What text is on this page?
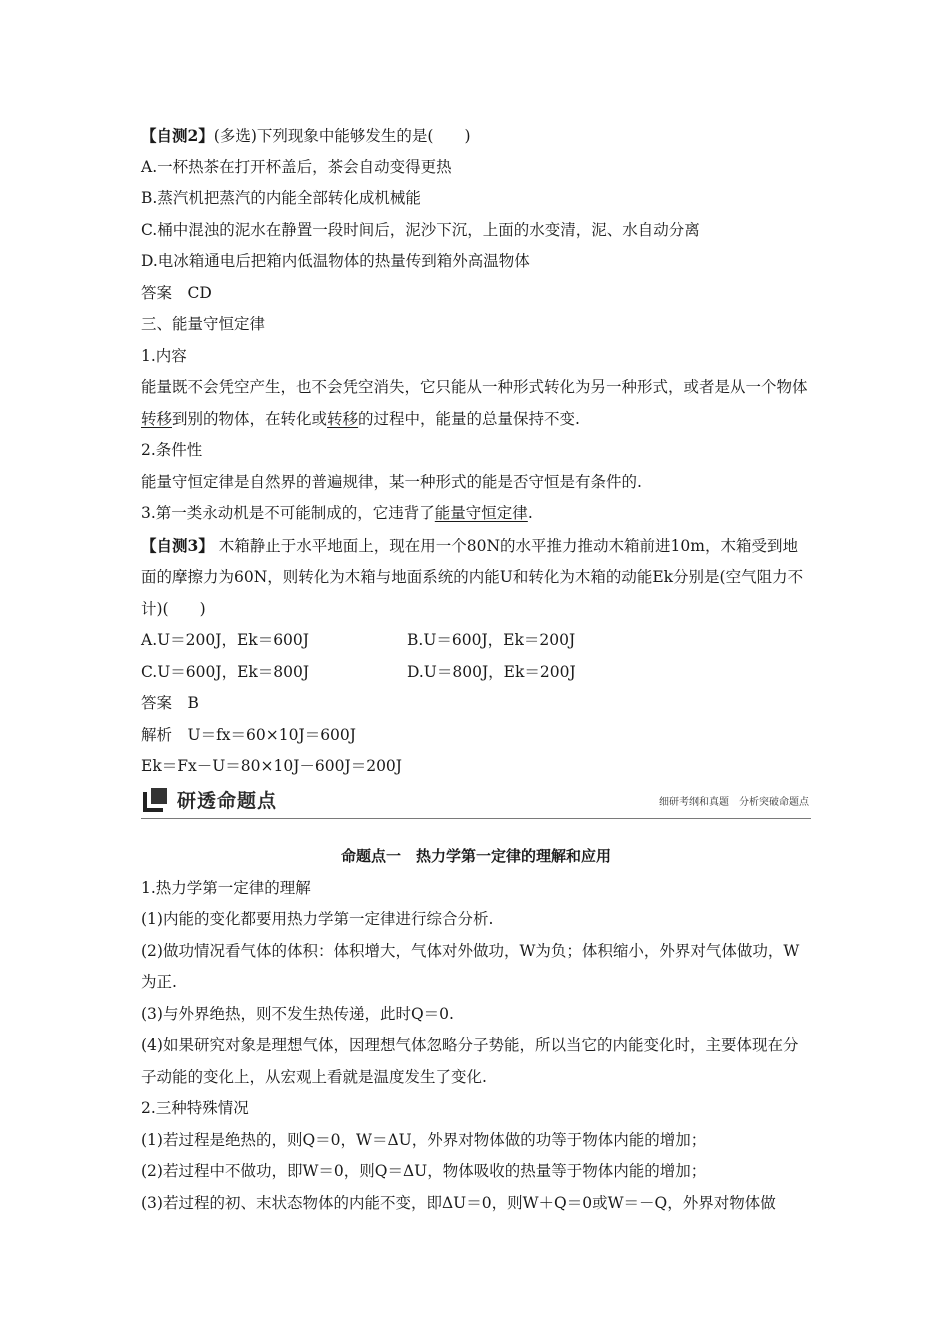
【自测2】(多选)下列现象中能够发生的是(　　)
A.一杯热茶在打开杯盖后，茶会自动变得更热
B.蒸汽机把蒸汽的内能全部转化成机械能
C.桶中混浊的泥水在静置一段时间后，泥沙下沉，上面的水变清，泥、水自动分离
D.电冰箱通电后把箱内低温物体的热量传到箱外高温物体
答案　CD
三、能量守恒定律
1.内容
能量既不会凭空产生，也不会凭空消失，它只能从一种形式转化为另一种形式，或者是从一个物体转移到别的物体，在转化或转移的过程中，能量的总量保持不变.
2.条件性
能量守恒定律是自然界的普遍规律，某一种形式的能是否守恒是有条件的.
3.第一类永动机是不可能制成的，它违背了能量守恒定律.
【自测3】 木箱静止于水平地面上，现在用一个80N的水平推力推动木箱前进10m，木箱受到地面的摩擦力为60N，则转化为木箱与地面系统的内能U和转化为木箱的动能Ek分别是(空气阻力不计)(　　)
A.U＝200J，Ek＝600J	B.U＝600J，Ek＝200J
C.U＝600J，Ek＝800J	D.U＝800J，Ek＝200J
答案　B
解析　U＝fx＝60×10J＝600J
Ek＝Fx－U＝80×10J－600J＝200J
研透命题点	细研考纲和真题　分析突破命题点
命题点一　热力学第一定律的理解和应用
1.热力学第一定律的理解
(1)内能的变化都要用热力学第一定律进行综合分析.
(2)做功情况看气体的体积：体积增大，气体对外做功，W为负；体积缩小，外界对气体做功，W为正.
(3)与外界绝热，则不发生热传递，此时Q＝0.
(4)如果研究对象是理想气体，因理想气体忽略分子势能，所以当它的内能变化时，主要体现在分子动能的变化上，从宏观上看就是温度发生了变化.
2.三种特殊情况
(1)若过程是绝热的，则Q＝0，W＝ΔU，外界对物体做的功等于物体内能的增加；
(2)若过程中不做功，即W＝0，则Q＝ΔU，物体吸收的热量等于物体内能的增加；
(3)若过程的初、末状态物体的内能不变，即ΔU＝0，则W＋Q＝0或W＝－Q，外界对物体做
